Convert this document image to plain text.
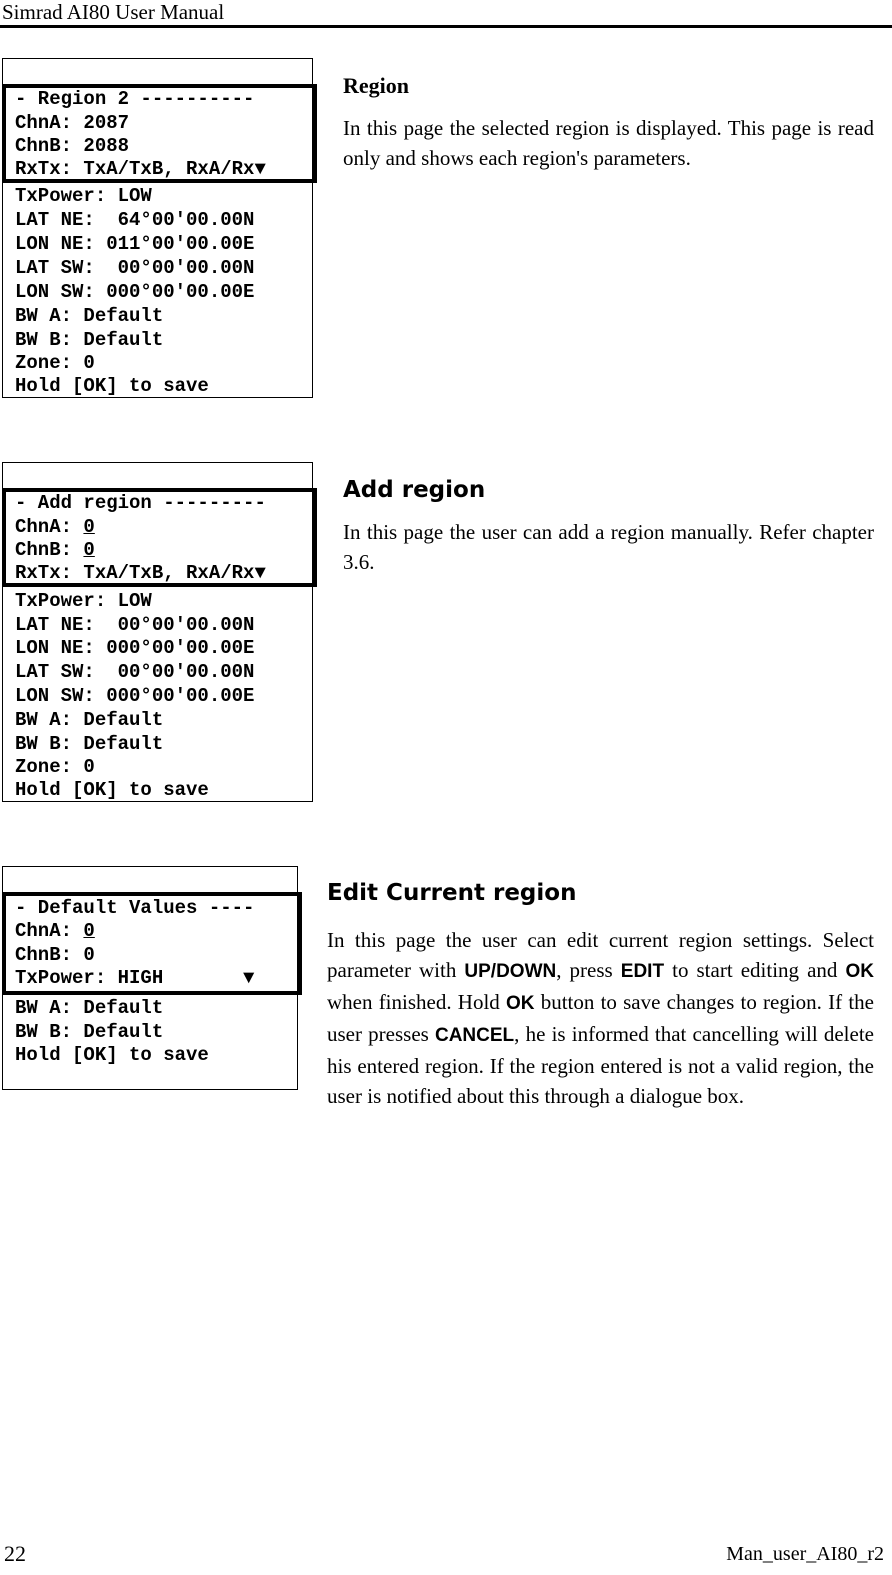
Simrad AI80 User Manual
- Region 2 ----------
ChnA: 2087
ChnB: 2088
RxTx: TxA/TxB, RxA/Rx▼
TxPower: LOW
LAT NE:  64°00'00.00N
LON NE: 011°00'00.00E
LAT SW:  00°00'00.00N
LON SW: 000°00'00.00E
BW A: Default
BW B: Default
Zone: 0
Hold [OK] to save
Region
In this page the selected region is displayed. This page is read only and shows each region's parameters.
- Add region ---------
ChnA: 0
ChnB: 0
RxTx: TxA/TxB, RxA/Rx▼
TxPower: LOW
LAT NE:  00°00'00.00N
LON NE: 000°00'00.00E
LAT SW:  00°00'00.00N
LON SW: 000°00'00.00E
BW A: Default
BW B: Default
Zone: 0
Hold [OK] to save
Add region
In this page the user can add a region manually. Refer chapter 3.6.
- Default Values ----
ChnA: 0
ChnB: 0
TxPower: HIGH       ▼
BW A: Default
BW B: Default
Hold [OK] to save
Edit Current region
In this page the user can edit current region settings. Select parameter with UP/DOWN, press EDIT to start editing and OK when finished. Hold OK button to save changes to region. If the user presses CANCEL, he is informed that cancelling will delete his entered region. If the region entered is not a valid region, the user is notified about this through a dialogue box.
22	Man_user_AI80_r2
